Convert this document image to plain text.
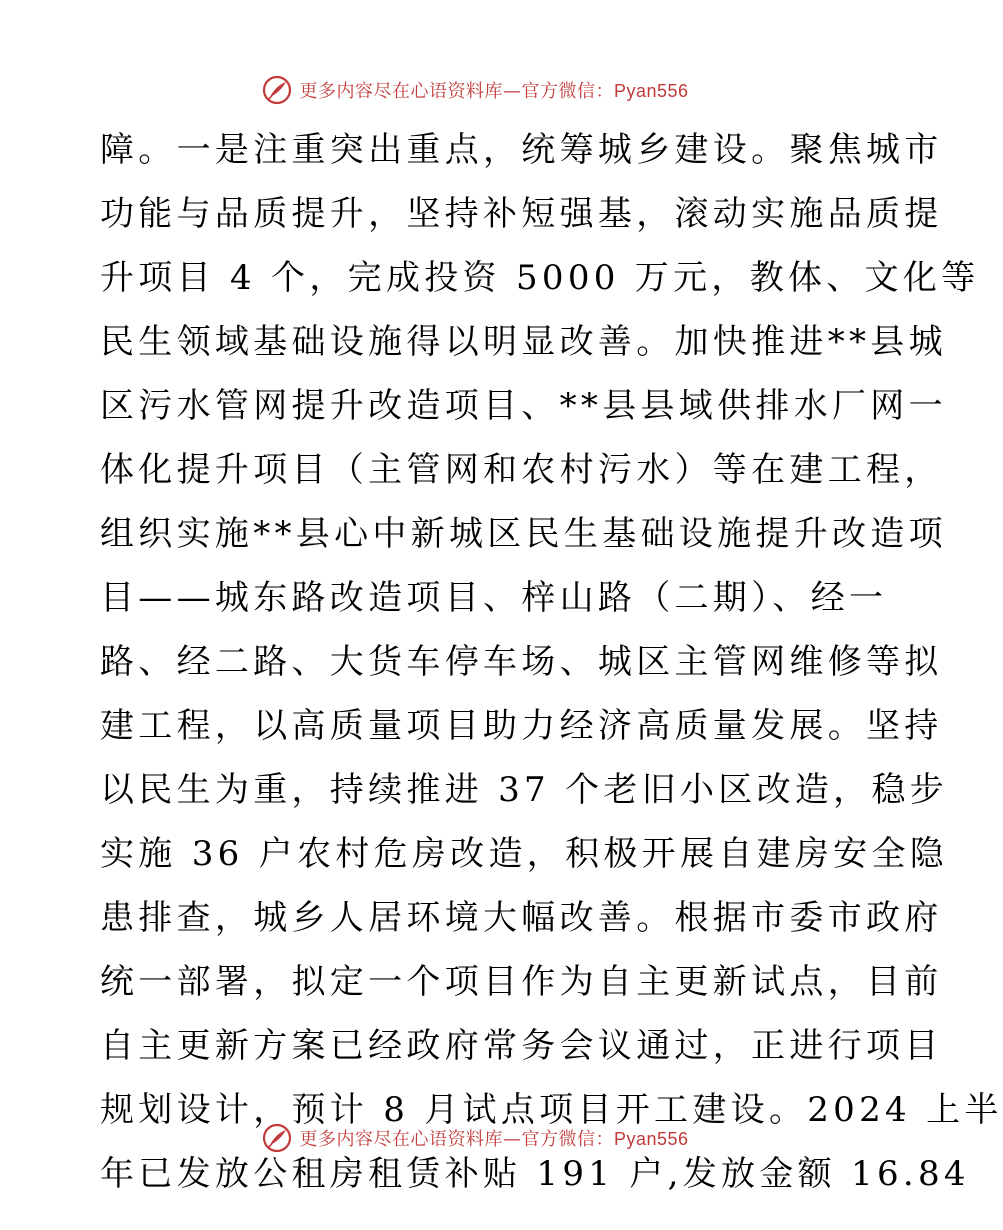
更多内容尽在心语资料库—官方微信：Pyan556
障。一是注重突出重点，统筹城乡建设。聚焦城市
功能与品质提升，坚持补短强基，滚动实施品质提
升项目 4 个，完成投资 5000 万元，教体、文化等
民生领域基础设施得以明显改善。加快推进**县城
区污水管网提升改造项目、**县县域供排水厂网一
体化提升项目（主管网和农村污水）等在建工程，
组织实施**县心中新城区民生基础设施提升改造项
目——城东路改造项目、梓山路（二期）、经一
路、经二路、大货车停车场、城区主管网维修等拟
建工程，以高质量项目助力经济高质量发展。坚持
以民生为重，持续推进 37 个老旧小区改造，稳步
实施 36 户农村危房改造，积极开展自建房安全隐
患排查，城乡人居环境大幅改善。根据市委市政府
统一部署，拟定一个项目作为自主更新试点，目前
自主更新方案已经政府常务会议通过，正进行项目
规划设计，预计 8 月试点项目开工建设。2024 上半
年已发放公租房租赁补贴 191 户,发放金额 16.84
更多内容尽在心语资料库—官方微信：Pyan556
